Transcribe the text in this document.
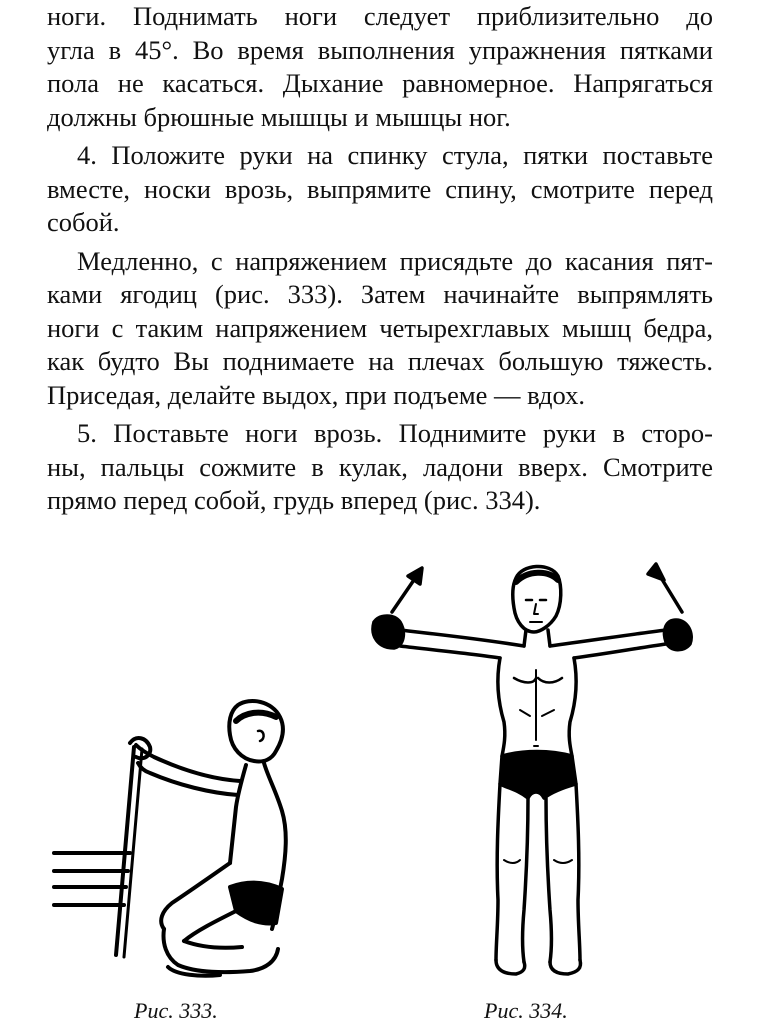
ноги. Поднимать ноги следует приблизительно до
угла в 45°. Во время выполнения упражнения пятками
пола не касаться. Дыхание равномерное. Напрягаться
должны брюшные мышцы и мышцы ног.
4. Положите руки на спинку стула, пятки поставьте
вместе, носки врозь, выпрямите спину, смотрите перед
собой.
Медленно, с напряжением присядьте до касания пят-
ками ягодиц (рис. 333). Затем начинайте выпрямлять
ноги с таким напряжением четырехглавых мышц бедра,
как будто Вы поднимаете на плечах большую тяжесть.
Приседая, делайте выдох, при подъеме — вдох.
5. Поставьте ноги врозь. Поднимите руки в сторо-
ны, пальцы сожмите в кулак, ладони вверх. Смотрите
прямо перед собой, грудь вперед (рис. 334).
Рис. 333.	Рис. 334.
